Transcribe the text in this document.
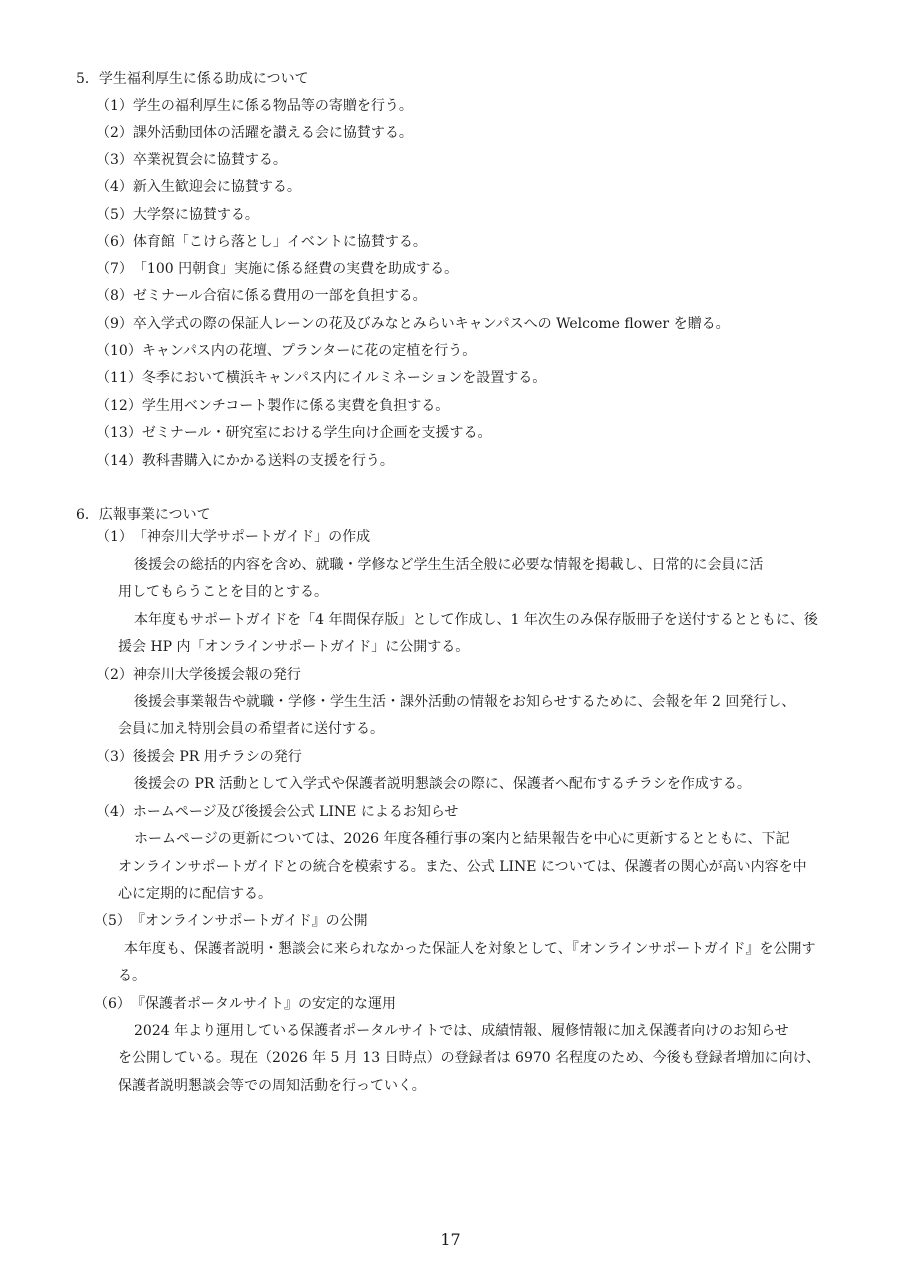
5．学生福利厚生に係る助成について
（1）学生の福利厚生に係る物品等の寄贈を行う。
（2）課外活動団体の活躍を讃える会に協賛する。
（3）卒業祝賀会に協賛する。
（4）新入生歓迎会に協賛する。
（5）大学祭に協賛する。
（6）体育館「こけら落とし」イベントに協賛する。
（7）「100 円朝食」実施に係る経費の実費を助成する。
（8）ゼミナール合宿に係る費用の一部を負担する。
（9）卒入学式の際の保証人レーンの花及びみなとみらいキャンパスへの Welcome flower を贈る。
（10）キャンパス内の花壇、プランターに花の定植を行う。
（11）冬季において横浜キャンパス内にイルミネーションを設置する。
（12）学生用ベンチコート製作に係る実費を負担する。
（13）ゼミナール・研究室における学生向け企画を支援する。
（14）教科書購入にかかる送料の支援を行う。
6．広報事業について
（1）「神奈川大学サポートガイド」の作成
後援会の総括的内容を含め、就職・学修など学生生活全般に必要な情報を掲載し、日常的に会員に活
用してもらうことを目的とする。
本年度もサポートガイドを「4 年間保存版」として作成し、1 年次生のみ保存版冊子を送付するとともに、後
援会 HP 内「オンラインサポートガイド」に公開する。
（2）神奈川大学後援会報の発行
後援会事業報告や就職・学修・学生生活・課外活動の情報をお知らせするために、会報を年 2 回発行し、
会員に加え特別会員の希望者に送付する。
（3）後援会 PR 用チラシの発行
後援会の PR 活動として入学式や保護者説明懇談会の際に、保護者へ配布するチラシを作成する。
（4）ホームページ及び後援会公式 LINE によるお知らせ
ホームページの更新については、2026 年度各種行事の案内と結果報告を中心に更新するとともに、下記
オンラインサポートガイドとの統合を模索する。また、公式 LINE については、保護者の関心が高い内容を中
心に定期的に配信する。
（5）『オンラインサポートガイド』の公開
本年度も、保護者説明・懇談会に来られなかった保証人を対象として、『オンラインサポートガイド』を公開す
る。
（6）『保護者ポータルサイト』の安定的な運用
2024 年より運用している保護者ポータルサイトでは、成績情報、履修情報に加え保護者向けのお知らせ
を公開している。現在（2026 年 5 月 13 日時点）の登録者は 6970 名程度のため、今後も登録者増加に向け、
保護者説明懇談会等での周知活動を行っていく。
17
